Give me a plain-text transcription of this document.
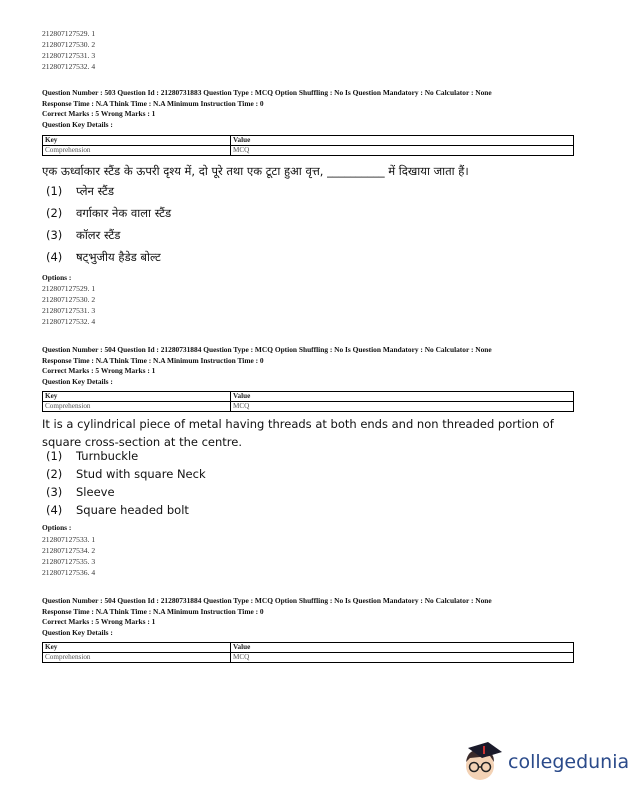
212807127529. 1
212807127530. 2
212807127531. 3
212807127532. 4
Question Number : 503 Question Id : 21280731883 Question Type : MCQ Option Shuffling : No Is Question Mandatory : No Calculator : None
Response Time : N.A Think Time : N.A Minimum Instruction Time : 0
Correct Marks : 5 Wrong Marks : 1
Question Key Details :
Key	Value
Comprehension	MCQ
एक ऊर्ध्वाकार स्टैंड के ऊपरी दृश्य में, दो पूरे तथा एक टूटा हुआ वृत्त, __________ में दिखाया जाता हैं।
(1) प्लेन स्टैंड
(2) वर्गाकार नेक वाला स्टैंड
(3) कॉलर स्टैंड
(4) षट्भुजीय हैडेड बोल्ट
Options :
212807127529. 1
212807127530. 2
212807127531. 3
212807127532. 4
Question Number : 504 Question Id : 21280731884 Question Type : MCQ Option Shuffling : No Is Question Mandatory : No Calculator : None
Response Time : N.A Think Time : N.A Minimum Instruction Time : 0
Correct Marks : 5 Wrong Marks : 1
Question Key Details :
Key	Value
Comprehension	MCQ
It is a cylindrical piece of metal having threads at both ends and non threaded portion of square cross-section at the centre.
(1) Turnbuckle
(2) Stud with square Neck
(3) Sleeve
(4) Square headed bolt
Options :
212807127533. 1
212807127534. 2
212807127535. 3
212807127536. 4
Question Number : 504 Question Id : 21280731884 Question Type : MCQ Option Shuffling : No Is Question Mandatory : No Calculator : None
Response Time : N.A Think Time : N.A Minimum Instruction Time : 0
Correct Marks : 5 Wrong Marks : 1
Question Key Details :
Key	Value
Comprehension	MCQ
collegedunia
